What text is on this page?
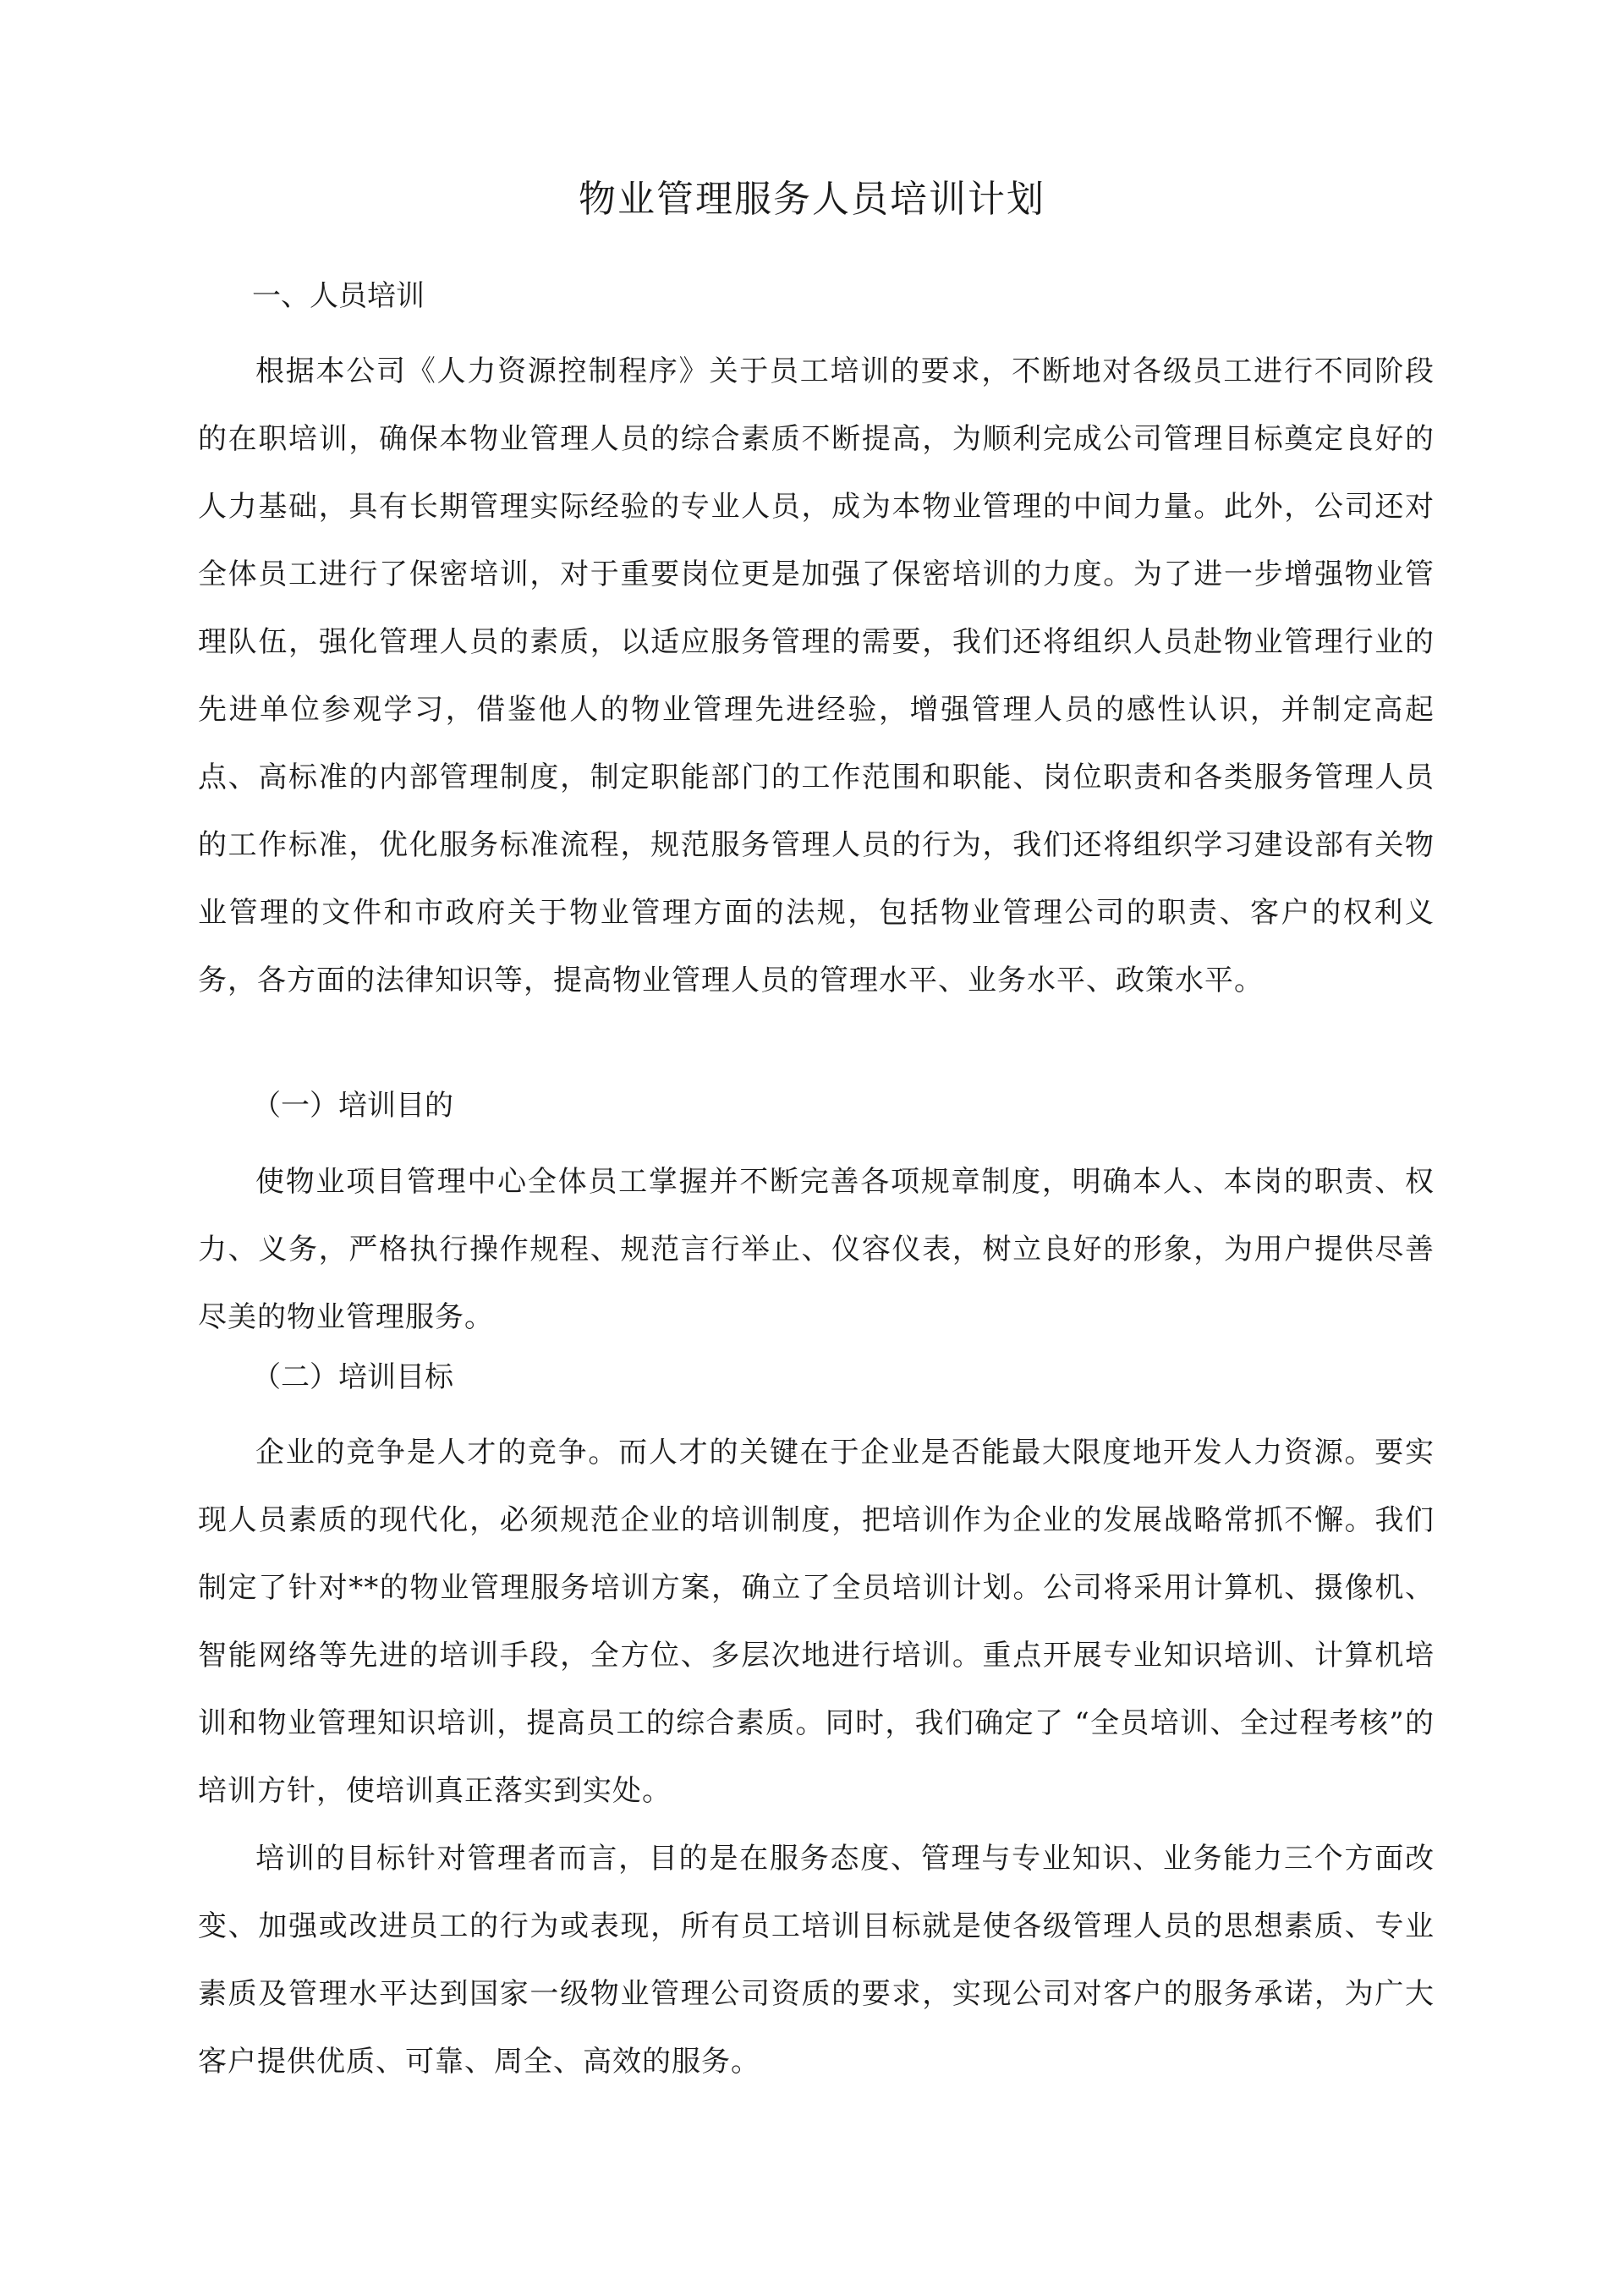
物业管理服务人员培训计划
一、人员培训

根据本公司《人力资源控制程序》关于员工培训的要求，不断地对各级员工进行不同阶段的在职培训，确保本物业管理人员的综合素质不断提高，为顺利完成公司管理目标奠定良好的人力基础，具有长期管理实际经验的专业人员，成为本物业管理的中间力量。此外，公司还对全体员工进行了保密培训，对于重要岗位更是加强了保密培训的力度。为了进一步增强物业管理队伍，强化管理人员的素质，以适应服务管理的需要，我们还将组织人员赴物业管理行业的先进单位参观学习，借鉴他人的物业管理先进经验，增强管理人员的感性认识，并制定高起点、高标准的内部管理制度，制定职能部门的工作范围和职能、岗位职责和各类服务管理人员的工作标准，优化服务标准流程，规范服务管理人员的行为，我们还将组织学习建设部有关物业管理的文件和市政府关于物业管理方面的法规，包括物业管理公司的职责、客户的权利义务，各方面的法律知识等，提高物业管理人员的管理水平、业务水平、政策水平。

（一）培训目的

使物业项目管理中心全体员工掌握并不断完善各项规章制度，明确本人、本岗的职责、权力、义务，严格执行操作规程、规范言行举止、仪容仪表，树立良好的形象，为用户提供尽善尽美的物业管理服务。

（二）培训目标

企业的竞争是人才的竞争。而人才的关键在于企业是否能最大限度地开发人力资源。要实现人员素质的现代化，必须规范企业的培训制度，把培训作为企业的发展战略常抓不懈。我们制定了针对**的物业管理服务培训方案，确立了全员培训计划。公司将采用计算机、摄像机、智能网络等先进的培训手段，全方位、多层次地进行培训。重点开展专业知识培训、计算机培训和物业管理知识培训，提高员工的综合素质。同时，我们确定了 “全员培训、全过程考核”的培训方针，使培训真正落实到实处。

培训的目标针对管理者而言，目的是在服务态度、管理与专业知识、业务能力三个方面改变、加强或改进员工的行为或表现，所有员工培训目标就是使各级管理人员的思想素质、专业素质及管理水平达到国家一级物业管理公司资质的要求，实现公司对客户的服务承诺，为广大客户提供优质、可靠、周全、高效的服务。
